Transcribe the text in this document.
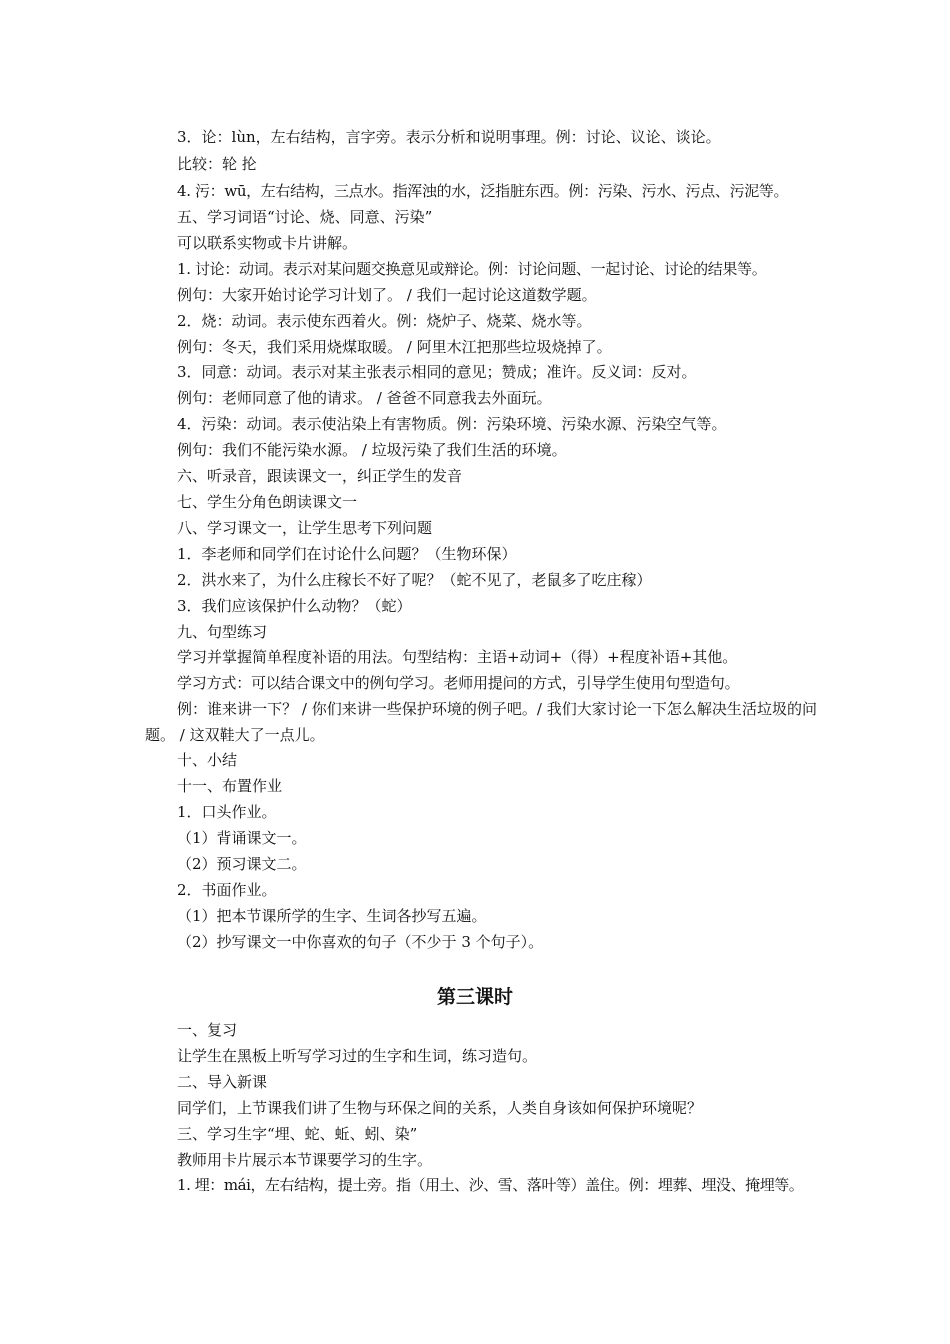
3．论：lùn，左右结构，言字旁。表示分析和说明事理。例：讨论、议论、谈论。
比较：轮 抡
4. 污：wū，左右结构，三点水。指浑浊的水，泛指脏东西。例：污染、污水、污点、污泥等。
五、学习词语“讨论、烧、同意、污染”
可以联系实物或卡片讲解。
1. 讨论：动词。表示对某问题交换意见或辩论。例：讨论问题、一起讨论、讨论的结果等。
例句：大家开始讨论学习计划了。 / 我们一起讨论这道数学题。
2．烧：动词。表示使东西着火。例：烧炉子、烧菜、烧水等。
例句：冬天，我们采用烧煤取暖。 / 阿里木江把那些垃圾烧掉了。
3．同意：动词。表示对某主张表示相同的意见；赞成；准许。反义词：反对。
例句：老师同意了他的请求。 / 爸爸不同意我去外面玩。
4．污染：动词。表示使沾染上有害物质。例：污染环境、污染水源、污染空气等。
例句：我们不能污染水源。 / 垃圾污染了我们生活的环境。
六、听录音，跟读课文一，纠正学生的发音
七、学生分角色朗读课文一
八、学习课文一，让学生思考下列问题
1．李老师和同学们在讨论什么问题？（生物环保）
2．洪水来了，为什么庄稼长不好了呢？（蛇不见了，老鼠多了吃庄稼）
3．我们应该保护什么动物？（蛇）
九、句型练习
学习并掌握简单程度补语的用法。句型结构：主语+动词+（得）+程度补语+其他。
学习方式：可以结合课文中的例句学习。老师用提问的方式，引导学生使用句型造句。
例：谁来讲一下？ / 你们来讲一些保护环境的例子吧。/ 我们大家讨论一下怎么解决生活垃圾的问题。 / 这双鞋大了一点儿。
十、小结
十一、布置作业
1．口头作业。
（1）背诵课文一。
（2）预习课文二。
2．书面作业。
（1）把本节课所学的生字、生词各抄写五遍。
（2）抄写课文一中你喜欢的句子（不少于 3 个句子）。
第三课时
一、复习
让学生在黑板上听写学习过的生字和生词，练习造句。
二、导入新课
同学们，上节课我们讲了生物与环保之间的关系，人类自身该如何保护环境呢？
三、学习生字“埋、蛇、蚯、蚓、染”
教师用卡片展示本节课要学习的生字。
1. 埋：mái，左右结构，提土旁。指（用土、沙、雪、落叶等）盖住。例：埋葬、埋没、掩埋等。
